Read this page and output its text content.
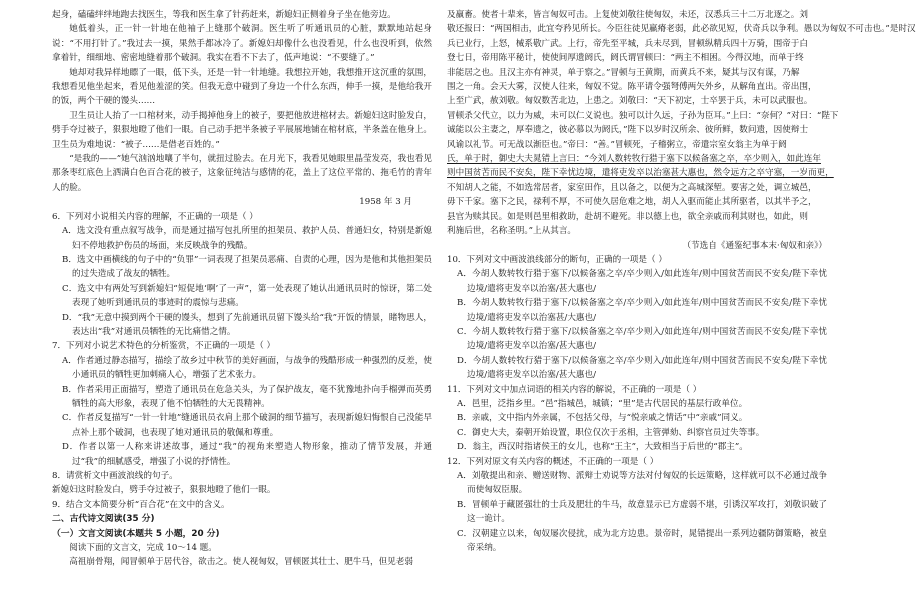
起身，磕磕绊绊地跑去找医生，等我和医生拿了针药赶来，新媳妇正侧着身子坐在他旁边。

她低着头，正一针一针地在他袖子上缝那个破洞。医生听了听通讯员的心脏，默默地站起身说：“不用打针了。”我过去一摸，果然手都冰冷了。新媳妇却像什么也没看见，什么也没听到，依然拿着针，细细地、密密地缝着那个破洞。我实在看不下去了，低声地说：“不要缝了。”

她却对我异样地瞟了一眼，低下头，还是一针一针地缝。我想拉开她，我想推开这沉重的氛围，我想看见他坐起来，看见他羞涩的笑。但我无意中碰到了身边一个什么东西，伸手一摸，是他给我开的饭，两个干硬的馒头……

卫生员让人抬了一口棺材来，动手揭掉他身上的被子，要把他放进棺材去。新媳妇这时脸发白，劈手夺过被子，狠狠地瞪了他们一眼。自己动手把半条被子平展展地铺在棺材底，半条盖在他身上。卫生员为难地说：“被子……是借老百姓的。”

“是我的——”她气汹汹地嚷了半句，就扭过脸去。在月光下，我看见她眼里晶莹发亮，我也看见那条枣红底色上洒满白色百合花的被子，这象征纯洁与感情的花，盖上了这位平常的、拖毛竹的青年人的脸。

1958 年 3 月

6．下列对小说相关内容的理解，不正确的一项是（ ）

A．选文没有重点叙写战争，而是通过描写包扎所里的担架员、救护人员、普通妇女，特别是新媳妇不停地救护伤员的场面，来反映战争的残酷。

B．选文中画横线的句子中的“负罪”一词表现了担架员恶痛、自责的心理，因为是他和其他担架员的过失造成了战友的牺牲。

C．选文中有两处写到新媳妇“短促地‘啊’了一声”，第一处表现了她认出通讯员时的惊讶，第二处表现了她听到通讯员的事迹时的震惊与悲痛。

D．“我”无意中摸到两个干硬的馒头，想到了先前通讯员留下馒头给“我”开饭的情景，睹物思人，表达出“我”对通讯员牺牲的无比痛惜之情。

7．下列对小说艺术特色的分析鉴赏，不正确的一项是（ ）

A．作者通过静态描写，描绘了故乡过中秋节的美好画面，与战争的残酷形成一种强烈的反差，使小通讯员的牺牲更加刺痛人心，增强了艺术张力。

B．作者采用正面描写，塑造了通讯员在危急关头，为了保护战友，毫不犹豫地扑向手榴弹而英勇牺牲的高大形象，表现了他不怕牺牲的大无畏精神。

C．作者反复描写“一针一针地”缝通讯员衣肩上那个破洞的细节描写，表现新媳妇悔恨自己没能早点补上那个破洞，也表现了她对通讯员的敬佩和尊重。

D．作者以第一人称来讲述故事，通过“我”的视角来塑造人物形象，推动了情节发展，并通过“我”的细腻感受，增强了小说的抒情性。

8．请赏析文中画波浪线的句子。

新媳妇这时脸发白，劈手夺过被子，狠狠地瞪了他们一眼。

9．结合文本简要分析“百合花”在文中的含义。

二、古代诗文阅读(35 分)

（一）文言文阅读(本题共 5 小题，20 分)

阅读下面的文言文，完成 10～14 题。

高祖崩骨翔，闻冒顿单于居代谷，欲击之。使人视匈奴，冒顿匿其壮士、肥牛马，但见老弱

及羸畜。使者十辈来，皆言匈奴可击。上复使刘敬往使匈奴，未还，汉悉兵三十二万北逐之。刘

敬还报曰：“两国相击，此宜夸矜见所长。今臣往徒见羸瘠老弱，此必欲见短，伏奇兵以争利。愚以为匈奴不可击也。”是时汉

兵已业行，上怒，械系敬广武。上行，帝先至平城，兵未尽到，冒顿纵精兵四十万骑，围帝于白

登七日，帝用陈平秘计，使使间厚遗阏氏，阏氏谓冒顿曰：“两主不相困。今得汉地，而单于终

非能居之也。且汉主亦有神灵，单于察之。”冒顿与王黄期，而黄兵不来，疑其与汉有谋，乃解

围之一角。会天大雾，汉使人往来，匈奴不觉。陈平请令强弩傅两矢外乡，从解角直出。帝出围，

上至广武，赦刘敬。匈奴数苦北边，上患之。刘敬曰：“天下初定，士卒罢于兵，未可以武服也。

冒顿杀父代立，以力为威，未可以仁义说也。独可以计久远，子孙为臣耳。”上曰：“奈何？”对曰：“陛下

诚能以公主妻之，厚奉遗之，彼必慕以为阏氏，”陛下以岁时汉所余、彼所鲜，数问遗，因使辩士

风谕以礼节。可无战以渐臣也。”帝曰：“善。”冒顿死，子稽粥立，帝遣宗室女翁主为单于阏

氏，单于时，御史大夫晁错上言曰：“今刘人数转牧行猎于塞下以候备塞之卒，卒少则入，如此连年

则中国贫苦而民不安矣，陛下幸忧边境，遣将吏发卒以治塞甚大惠也，然令远方之卒守塞，一岁而更，

不知胡人之能，不如选常居者，家室田作，且以备之，以便为之高城深堑。要害之处，调立城邑，

毋下千家。塞下之民，禄利不厚，不可使久居危难之地，胡人入驱而能止其所驱者，以其半予之，

县官为赎其民。如是则邑里相救助，赴胡不避死。非以德上也，欲全亲戚而利其财也，如此，则

利施后世，名称圣明。”上从其言。

（节选自《通鉴纪事本末·匈奴和亲》）

10．下列对文中画波浪线部分的断句，正确的一项是（ ）

A．今胡人数转牧行猎于塞下/以候备塞之卒/卒少则入/如此连年/则中国贫苦而民不安矣/陛下幸忧边境/遣将吏发卒以治塞/甚大惠也/

B．今胡人数转牧行猎于塞下/以候备塞之卒/卒少则入/如此连年/则中国贫苦而民不安矣/陛下幸忧边境/遣将吏发卒以治塞甚/大惠也/

C．今胡人数转牧行猎于塞下/以候备塞之卒/卒少则入/如此连年/则中国贫苦而民不安矣/陛下幸忧边境/遣将吏发卒以治塞/甚大惠也/

D．今胡人数转牧行猎于塞下/以候备塞之卒/卒少则入/如此连年/则中国贫苦而民不安矣/陛下幸忧边境/遣将吏发卒以治塞/甚大惠也/

11．下列对文中加点词语的相关内容的解说，不正确的一项是（ ）

A．邑里，泛指乡里。“邑”指城邑，城镇；“里”是古代居民的基层行政单位。

B．亲戚，文中指内外亲属，不包括父母，与“悦亲戚之情话”中“亲戚”同义。

C．御史大夫，秦朝开始设置，职位仅次于丞相，主管弹劾、纠察官员过失等事。

D．翁主，西汉时指诸侯王的女儿，也称“王主”，大致相当于后世的“郡主”。

12．下列对原文有关内容的概述，不正确的一项是（ ）

A．刘敬提出和亲、赠送财物、派辩士劝说等方法对付匈奴的长远策略，这样就可以不必通过战争而使匈奴臣服。

B．冒顿单于藏匿强壮的士兵及肥壮的牛马，故意显示已方虚弱不堪，引诱汉军攻打，刘敬识破了这一诡计。

C．汉朝建立以来，匈奴屡次侵扰，成为北方边患。景帝时，晁错提出一系列边疆防御策略，被皇帝采纳。
